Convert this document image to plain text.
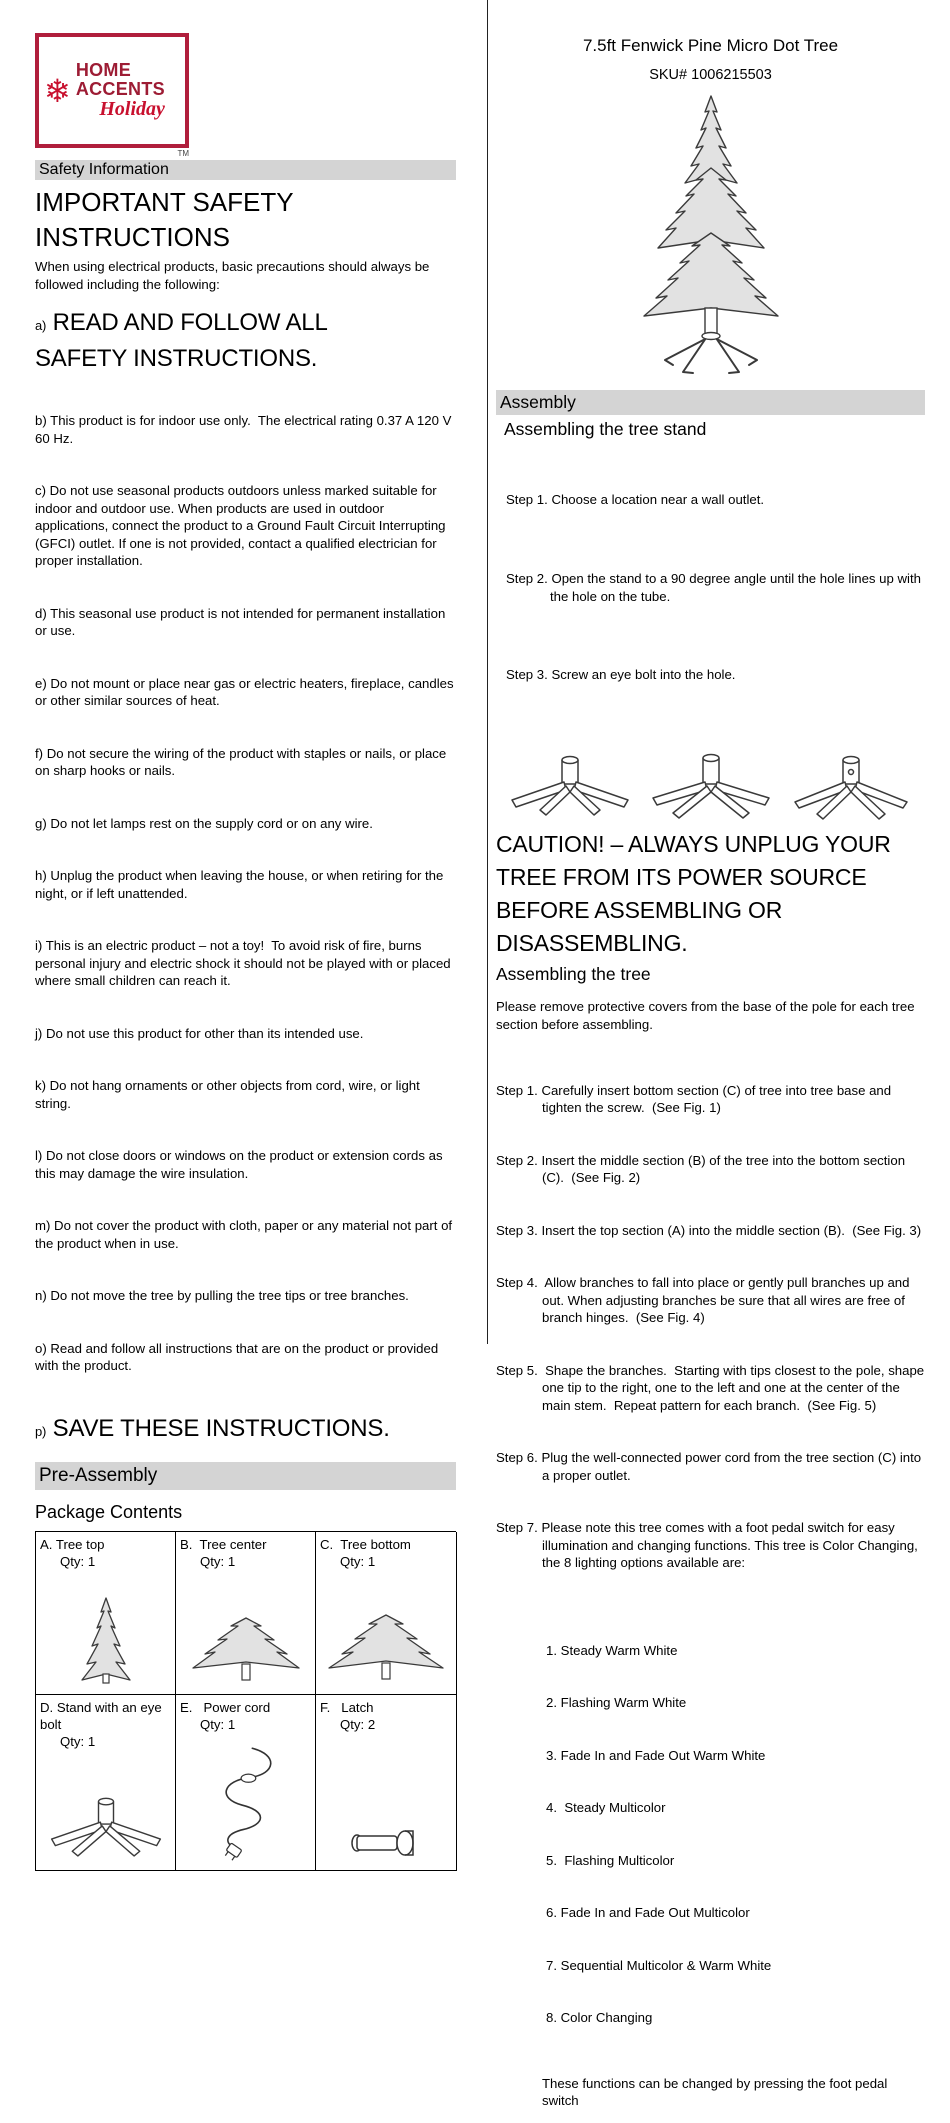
❄
HOME
ACCENTS
Holiday
TM
Safety Information
IMPORTANT SAFETY INSTRUCTIONS

When using electrical products, basic precautions should always be followed including the following:

a) READ AND FOLLOW ALL SAFETY INSTRUCTIONS.

b) This product is for indoor use only.  The electrical rating 0.37 A 120 V 60 Hz.

c) Do not use seasonal products outdoors unless marked suitable for indoor and outdoor use. When products are used in outdoor applications, connect the product to a Ground Fault Circuit Interrupting (GFCI) outlet. If one is not provided, contact a qualified electrician for proper installation.

d) This seasonal use product is not intended for permanent installation or use.

e) Do not mount or place near gas or electric heaters, fireplace, candles or other similar sources of heat.

f) Do not secure the wiring of the product with staples or nails, or place on sharp hooks or nails.

g) Do not let lamps rest on the supply cord or on any wire.

h) Unplug the product when leaving the house, or when retiring for the night, or if left unattended.

i) This is an electric product – not a toy!  To avoid risk of fire, burns personal injury and electric shock it should not be played with or placed where small children can reach it.

j) Do not use this product for other than its intended use.

k) Do not hang ornaments or other objects from cord, wire, or light string.

l) Do not close doors or windows on the product or extension cords as this may damage the wire insulation.

m) Do not cover the product with cloth, paper or any material not part of the product when in use.

n) Do not move the tree by pulling the tree tips or tree branches.

o) Read and follow all instructions that are on the product or provided with the product.

p) SAVE THESE INSTRUCTIONS.

Pre-Assembly
Package Contents
A. Tree top
Qty: 1
B.  Tree center
Qty: 1
C.  Tree bottom
Qty: 1
D. Stand with an eye bolt
Qty: 1
E.   Power cord
Qty: 1
F.   Latch
Qty: 2
7.5ft Fenwick Pine Micro Dot Tree
SKU# 1006215503
Assembly
Assembling the tree stand

Step 1. Choose a location near a wall outlet.

Step 2. Open the stand to a 90 degree angle until the hole lines up with the hole on the tube.

Step 3. Screw an eye bolt into the hole.

CAUTION! – ALWAYS UNPLUG YOUR TREE FROM ITS POWER SOURCE BEFORE ASSEMBLING OR DISASSEMBLING.
Assembling the tree

Please remove protective covers from the base of the pole for each tree section before assembling.

Step 1. Carefully insert bottom section (C) of tree into tree base and tighten the screw.  (See Fig. 1)

Step 2. Insert the middle section (B) of the tree into the bottom section (C).  (See Fig. 2)

Step 3. Insert the top section (A) into the middle section (B).  (See Fig. 3)

Step 4.  Allow branches to fall into place or gently pull branches up and out. When adjusting branches be sure that all wires are free of branch hinges.  (See Fig. 4)

Step 5.  Shape the branches.  Starting with tips closest to the pole, shape one tip to the right, one to the left and one at the center of the main stem.  Repeat pattern for each branch.  (See Fig. 5)

Step 6. Plug the well-connected power cord from the tree section (C) into a proper outlet.

Step 7. Please note this tree comes with a foot pedal switch for easy illumination and changing functions. This tree is Color Changing, the 8 lighting options available are:

1. Steady Warm White

2. Flashing Warm White

3. Fade In and Fade Out Warm White

4.  Steady Multicolor

5.  Flashing Multicolor

6. Fade In and Fade Out Multicolor

7. Sequential Multicolor & Warm White

8. Color Changing

These functions can be changed by pressing the foot pedal switch
